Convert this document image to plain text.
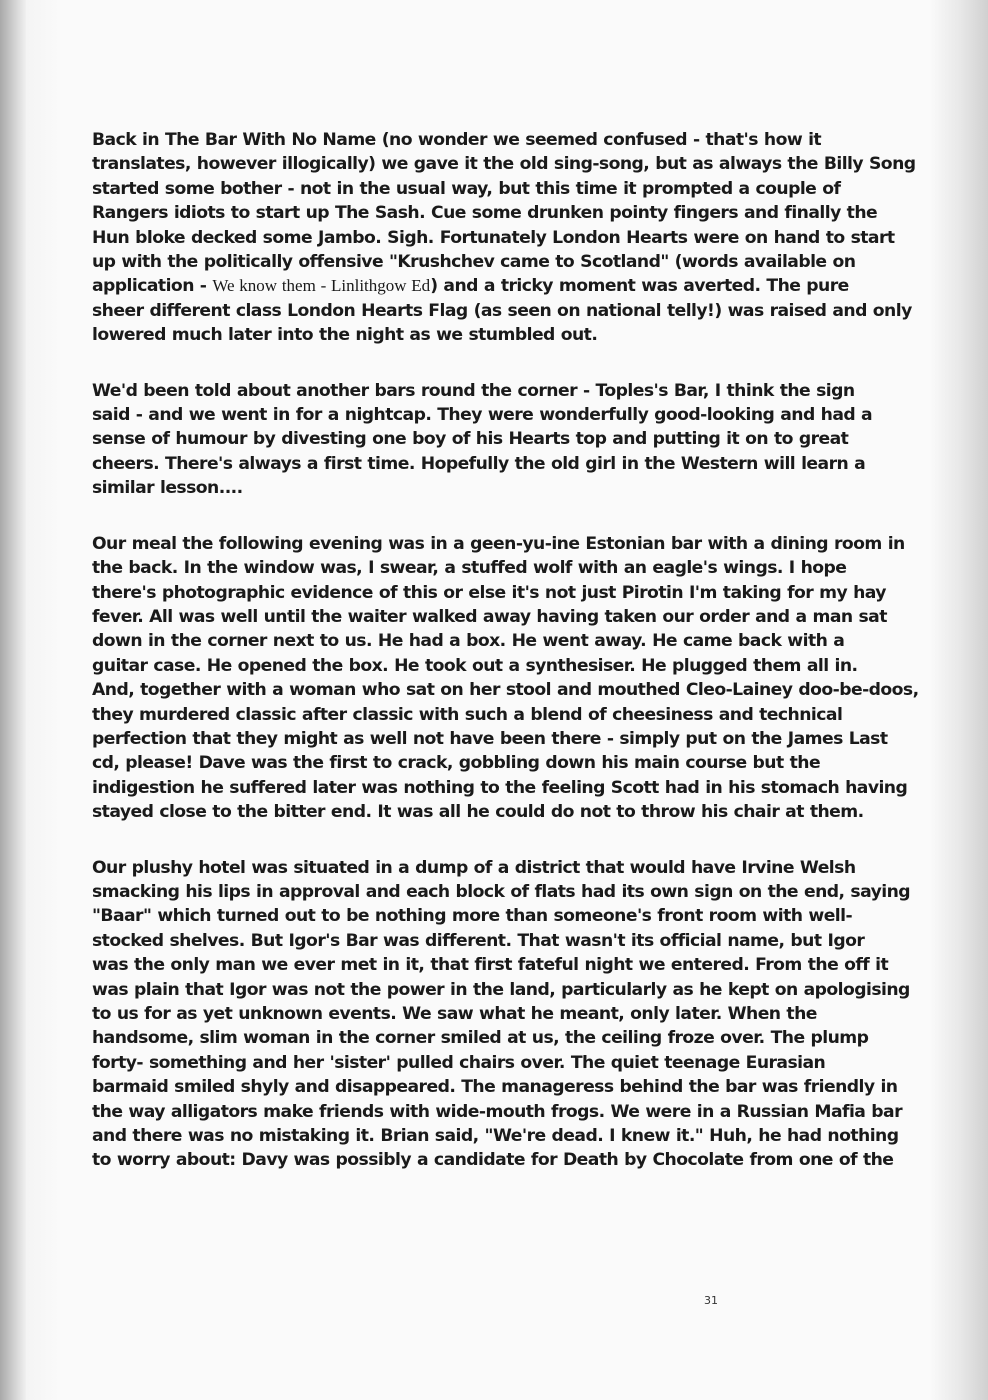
Back in The Bar With No Name (no wonder we seemed confused - that's how it
translates, however illogically) we gave it the old sing-song, but as always the Billy Song
started some bother - not in the usual way, but this time it prompted a couple of
Rangers idiots to start up The Sash. Cue some drunken pointy fingers and finally the
Hun bloke decked some Jambo. Sigh. Fortunately London Hearts were on hand to start
up with the politically offensive "Krushchev came to Scotland" (words available on
application - We know them - Linlithgow Ed) and a tricky moment was averted. The pure
sheer different class London Hearts Flag (as seen on national telly!) was raised and only
lowered much later into the night as we stumbled out.
We'd been told about another bars round the corner - Toples's Bar, I think the sign
said - and we went in for a nightcap. They were wonderfully good-looking and had a
sense of humour by divesting one boy of his Hearts top and putting it on to great
cheers. There's always a first time. Hopefully the old girl in the Western will learn a
similar lesson....
Our meal the following evening was in a geen-yu-ine Estonian bar with a dining room in
the back. In the window was, I swear, a stuffed wolf with an eagle's wings. I hope
there's photographic evidence of this or else it's not just Pirotin I'm taking for my hay
fever. All was well until the waiter walked away having taken our order and a man sat
down in the corner next to us. He had a box. He went away. He came back with a
guitar case. He opened the box. He took out a synthesiser. He plugged them all in.
And, together with a woman who sat on her stool and mouthed Cleo-Lainey doo-be-doos,
they murdered classic after classic with such a blend of cheesiness and technical
perfection that they might as well not have been there - simply put on the James Last
cd, please! Dave was the first to crack, gobbling down his main course but the
indigestion he suffered later was nothing to the feeling Scott had in his stomach having
stayed close to the bitter end. It was all he could do not to throw his chair at them.
Our plushy hotel was situated in a dump of a district that would have Irvine Welsh
smacking his lips in approval and each block of flats had its own sign on the end, saying
"Baar" which turned out to be nothing more than someone's front room with well-
stocked shelves. But Igor's Bar was different. That wasn't its official name, but Igor
was the only man we ever met in it, that first fateful night we entered. From the off it
was plain that Igor was not the power in the land, particularly as he kept on apologising
to us for as yet unknown events. We saw what he meant, only later. When the
handsome, slim woman in the corner smiled at us, the ceiling froze over. The plump
forty- something and her 'sister' pulled chairs over. The quiet teenage Eurasian
barmaid smiled shyly and disappeared. The manageress behind the bar was friendly in
the way alligators make friends with wide-mouth frogs. We were in a Russian Mafia bar
and there was no mistaking it. Brian said, "We're dead. I knew it." Huh, he had nothing
to worry about: Davy was possibly a candidate for Death by Chocolate from one of the
31
